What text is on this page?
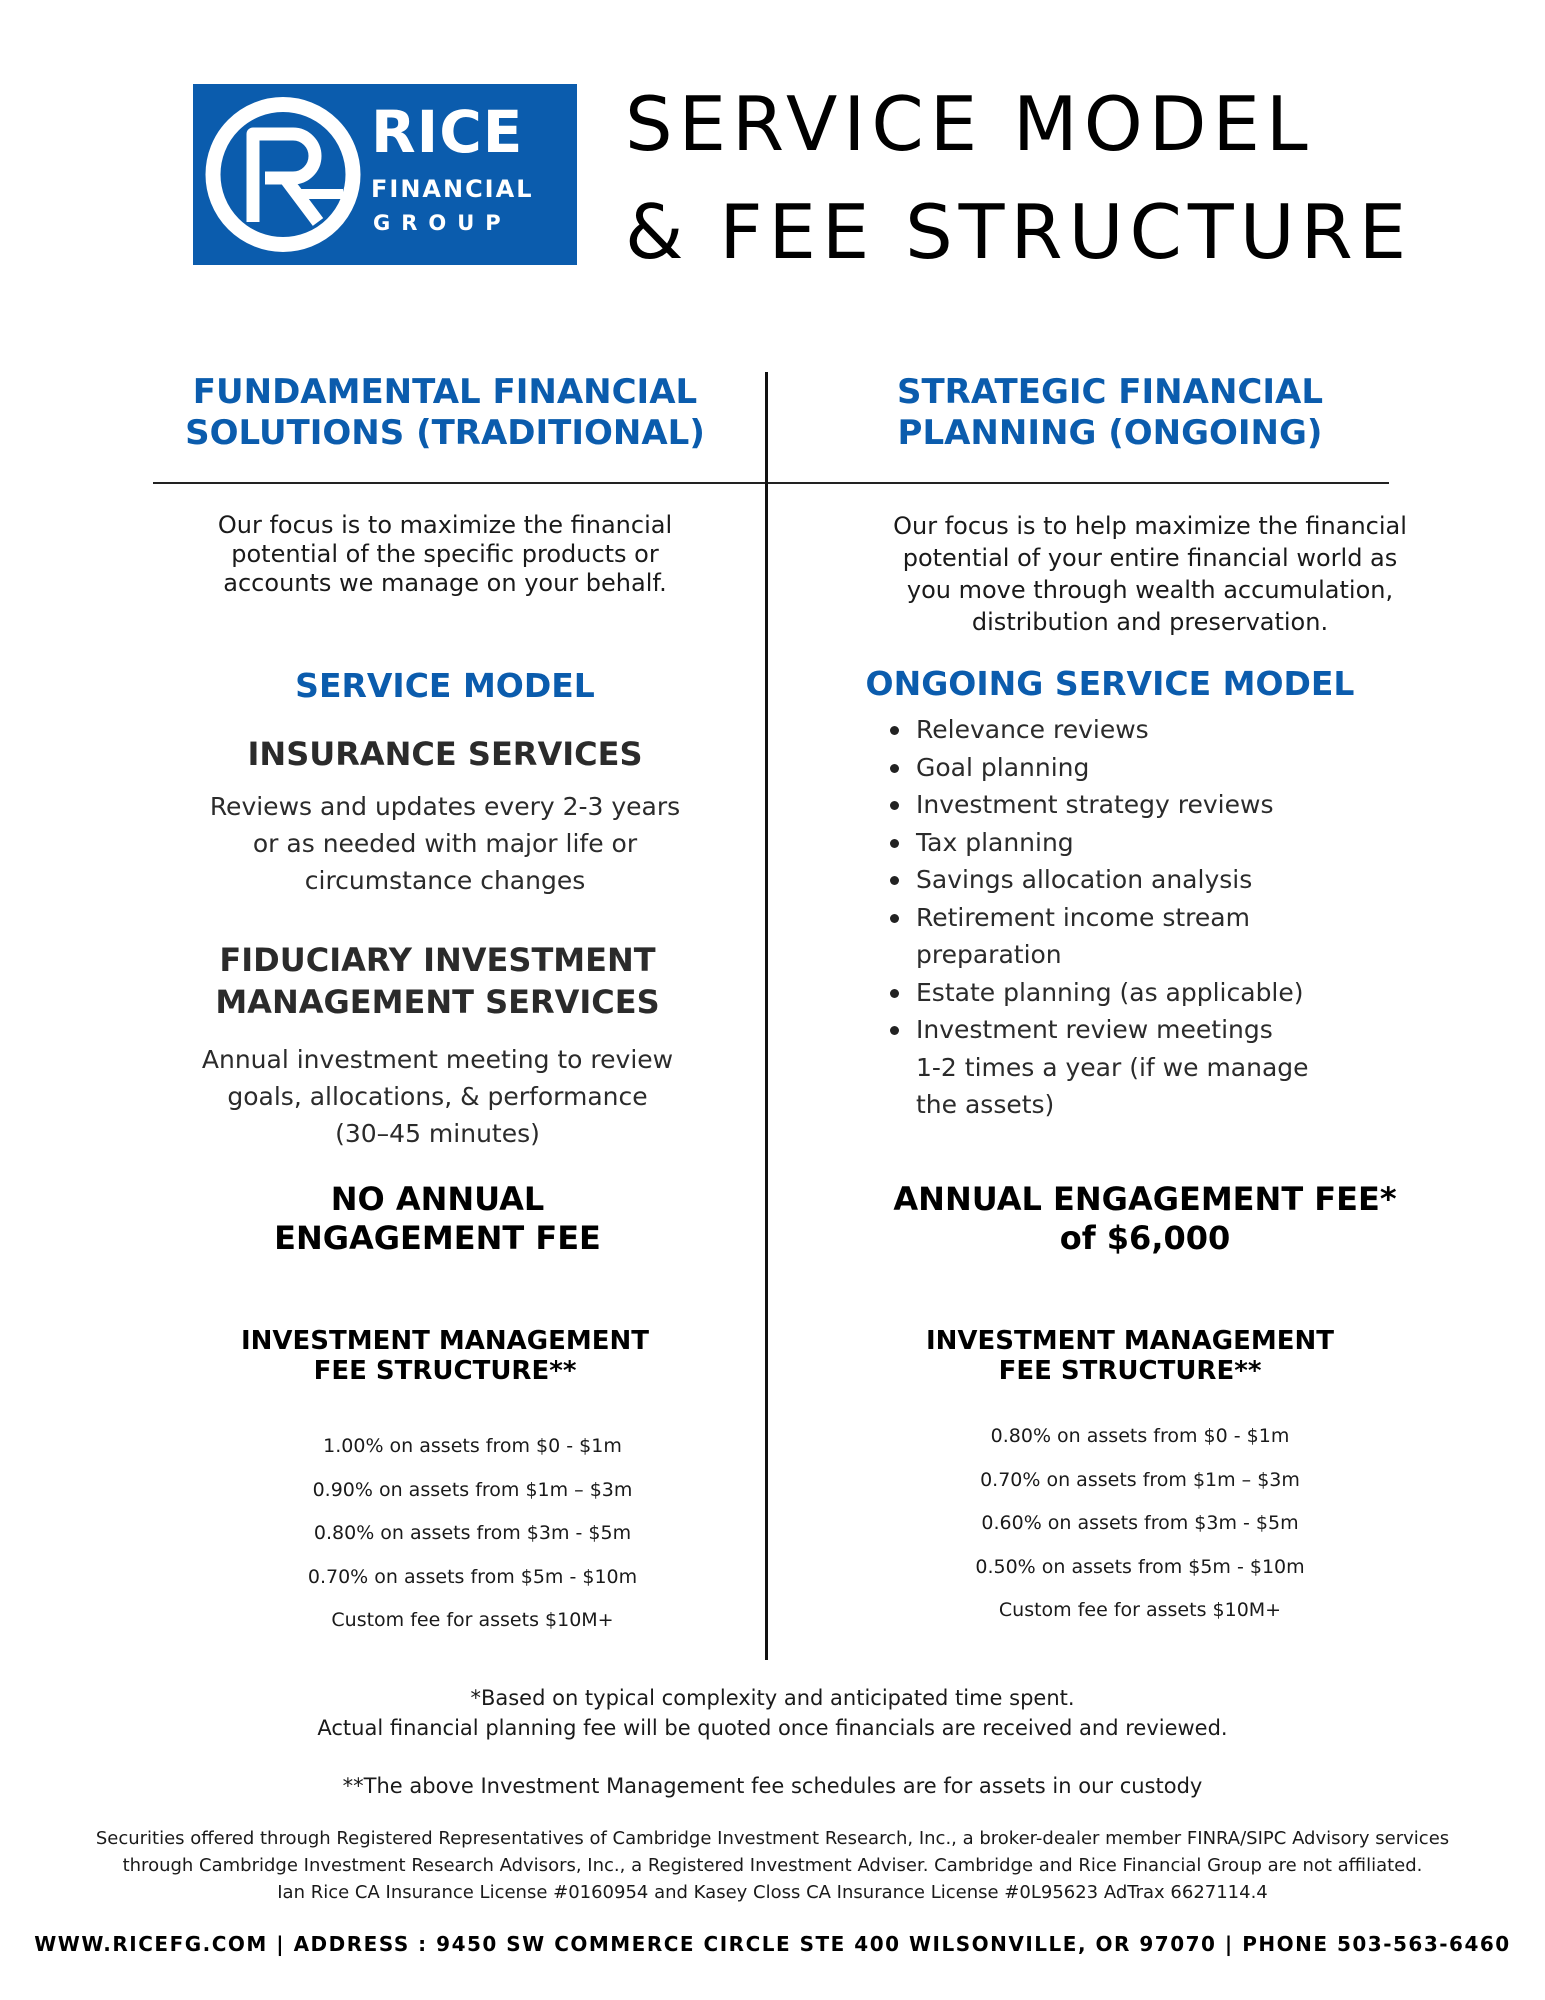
RICE
FINANCIAL
GROUP
SERVICE MODEL
& FEE STRUCTURE
FUNDAMENTAL FINANCIAL
SOLUTIONS (TRADITIONAL)
STRATEGIC FINANCIAL
PLANNING (ONGOING)
Our focus is to maximize the financial
potential of the specific products or
accounts we manage on your behalf.
Our focus is to help maximize the financial
potential of your entire financial world as
you move through wealth accumulation,
distribution and preservation.
SERVICE MODEL	ONGOING SERVICE MODEL
INSURANCE SERVICES
Reviews and updates every 2-3 years
or as needed with major life or
circumstance changes
FIDUCIARY INVESTMENT
MANAGEMENT SERVICES
Annual investment meeting to review
goals, allocations, & performance
(30–45 minutes)
Relevance reviews
Goal planning
Investment strategy reviews
Tax planning
Savings allocation analysis
Retirement income stream
preparation
Estate planning (as applicable)
Investment review meetings
1-2 times a year (if we manage
the assets)
NO ANNUAL
ENGAGEMENT FEE
ANNUAL ENGAGEMENT FEE*
of $6,000
INVESTMENT MANAGEMENT
FEE STRUCTURE**
INVESTMENT MANAGEMENT
FEE STRUCTURE**
1.00% on assets from $0 - $1m
0.90% on assets from $1m – $3m
0.80% on assets from $3m - $5m
0.70% on assets from $5m - $10m
Custom fee for assets $10M+
0.80% on assets from $0 - $1m
0.70% on assets from $1m – $3m
0.60% on assets from $3m - $5m
0.50% on assets from $5m - $10m
Custom fee for assets $10M+
*Based on typical complexity and anticipated time spent.
Actual financial planning fee will be quoted once financials are received and reviewed.
**The above Investment Management fee schedules are for assets in our custody
Securities offered through Registered Representatives of Cambridge Investment Research, Inc., a broker-dealer member FINRA/SIPC Advisory services
through Cambridge Investment Research Advisors, Inc., a Registered Investment Adviser. Cambridge and Rice Financial Group are not affiliated.
Ian Rice CA Insurance License #0160954 and Kasey Closs CA Insurance License #0L95623 AdTrax 6627114.4
WWW.RICEFG.COM | ADDRESS : 9450 SW COMMERCE CIRCLE STE 400 WILSONVILLE, OR 97070 | PHONE 503-563-6460
